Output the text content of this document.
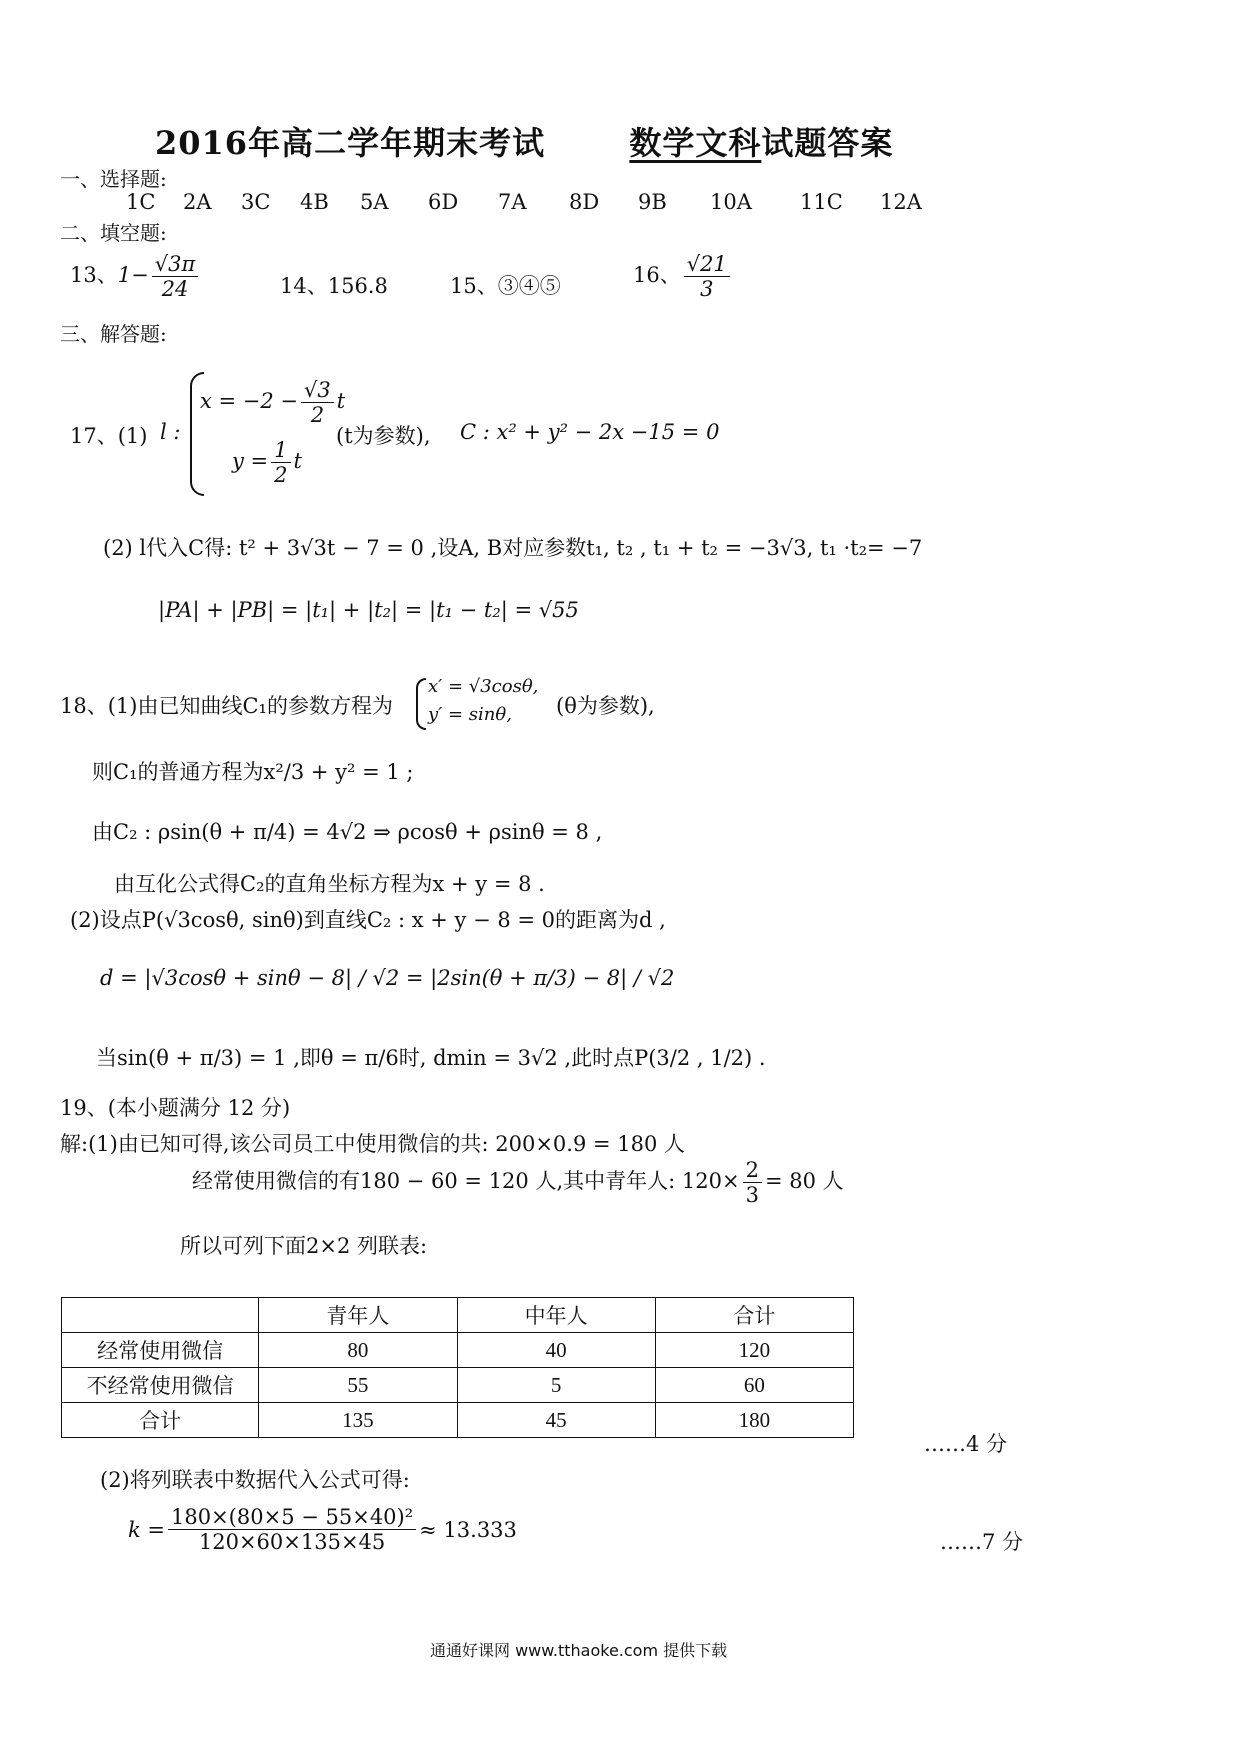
2016年高二学年期末考试	数学文科试题答案
一、选择题:
1C 2A 3C 4B 5A 6D 7A 8D 9B 10A 11C 12A
二、填空题:
13、$1- \frac{√3\pi}{24}$	14、156.8	15、③④⑤	16、 $\frac{√21}{3}$
三、解答题:
17、(1) l :
$x = -2 - \frac{√3}{2}$ t
$y = \frac{1}{2}$ t
(t为参数), C : x² + y² − 2x −15 = 0
(2) l代入C得: t² + 3√3t − 7 = 0 ,设A, B对应参数t₁, t₂ , t₁ + t₂ = −3√3, t₁ ·t₂= −7
|PA| + |PB| = |t₁| + |t₂| = |t₁ − t₂| = √55
18、(1)由已知曲线C₁的参数方程为
x′ = √3cosθ,
y′ = sinθ, (θ为参数),
则C₁的普通方程为x²/3 + y² = 1 ;
由C₂ : ρsin(θ + π/4) = 4√2 ⇒ ρcosθ + ρsinθ = 8 ,
由互化公式得C₂的直角坐标方程为x + y = 8 .
(2)设点P(√3cosθ, sinθ)到直线C₂ : x + y − 8 = 0的距离为d ,
d = |√3cosθ + sinθ − 8| / √2 = |2sin(θ + π/3) − 8| / √2
当sin(θ + π/3) = 1 ,即θ = π/6时, dmin = 3√2 ,此时点P(3/2 , 1/2) .
19、(本小题满分 12 分)
解:(1)由已知可得,该公司员工中使用微信的共: 200×0.9 = 180 人
经常使用微信的有180 − 60 = 120 人,其中青年人: $120\times \frac{2}{3} = 80$ 人
所以可列下面2×2 列联表:
	青年人	中年人	合计
经常使用微信	80	40	120
不经常使用微信	55	5	60
合计	135	45	180
……4 分
(2)将列联表中数据代入公式可得:
$k = \frac{\text{180×(80×5 − 55×40)²}}{120\times 60\times 135\times 45} \approx 13.333$
……7 分
通通好课网 www.tthaoke.com 提供下载
